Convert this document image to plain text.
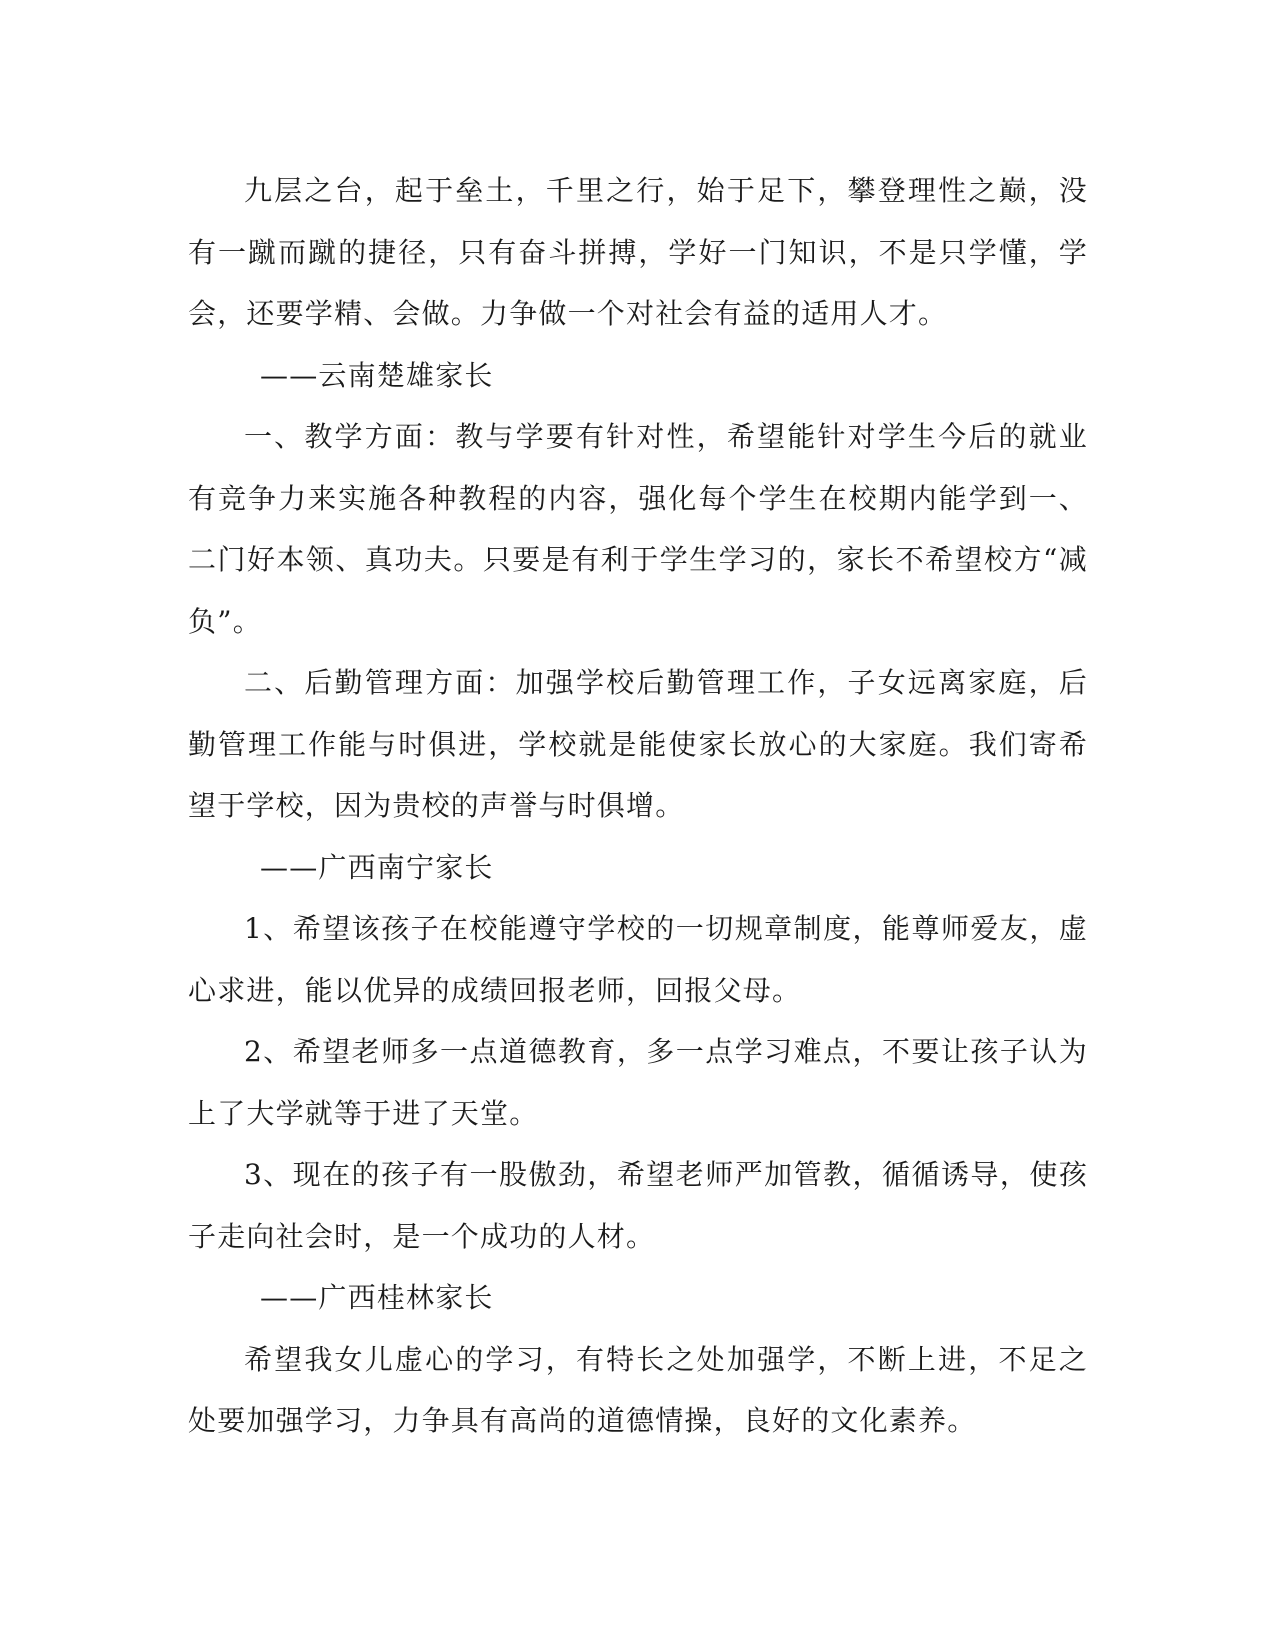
九层之台，起于垒土，千里之行，始于足下，攀登理性之巅，没有一蹴而蹴的捷径，只有奋斗拼搏，学好一门知识，不是只学懂，学会，还要学精、会做。力争做一个对社会有益的适用人才。

——云南楚雄家长

一、教学方面：教与学要有针对性，希望能针对学生今后的就业有竞争力来实施各种教程的内容，强化每个学生在校期内能学到一、二门好本领、真功夫。只要是有利于学生学习的，家长不希望校方“减负”。

二、后勤管理方面：加强学校后勤管理工作，子女远离家庭，后勤管理工作能与时俱进，学校就是能使家长放心的大家庭。我们寄希望于学校，因为贵校的声誉与时俱增。

——广西南宁家长

1、希望该孩子在校能遵守学校的一切规章制度，能尊师爱友，虚心求进，能以优异的成绩回报老师，回报父母。

2、希望老师多一点道德教育，多一点学习难点，不要让孩子认为上了大学就等于进了天堂。

3、现在的孩子有一股傲劲，希望老师严加管教，循循诱导，使孩子走向社会时，是一个成功的人材。

——广西桂林家长

希望我女儿虚心的学习，有特长之处加强学，不断上进，不足之处要加强学习，力争具有高尚的道德情操，良好的文化素养。
